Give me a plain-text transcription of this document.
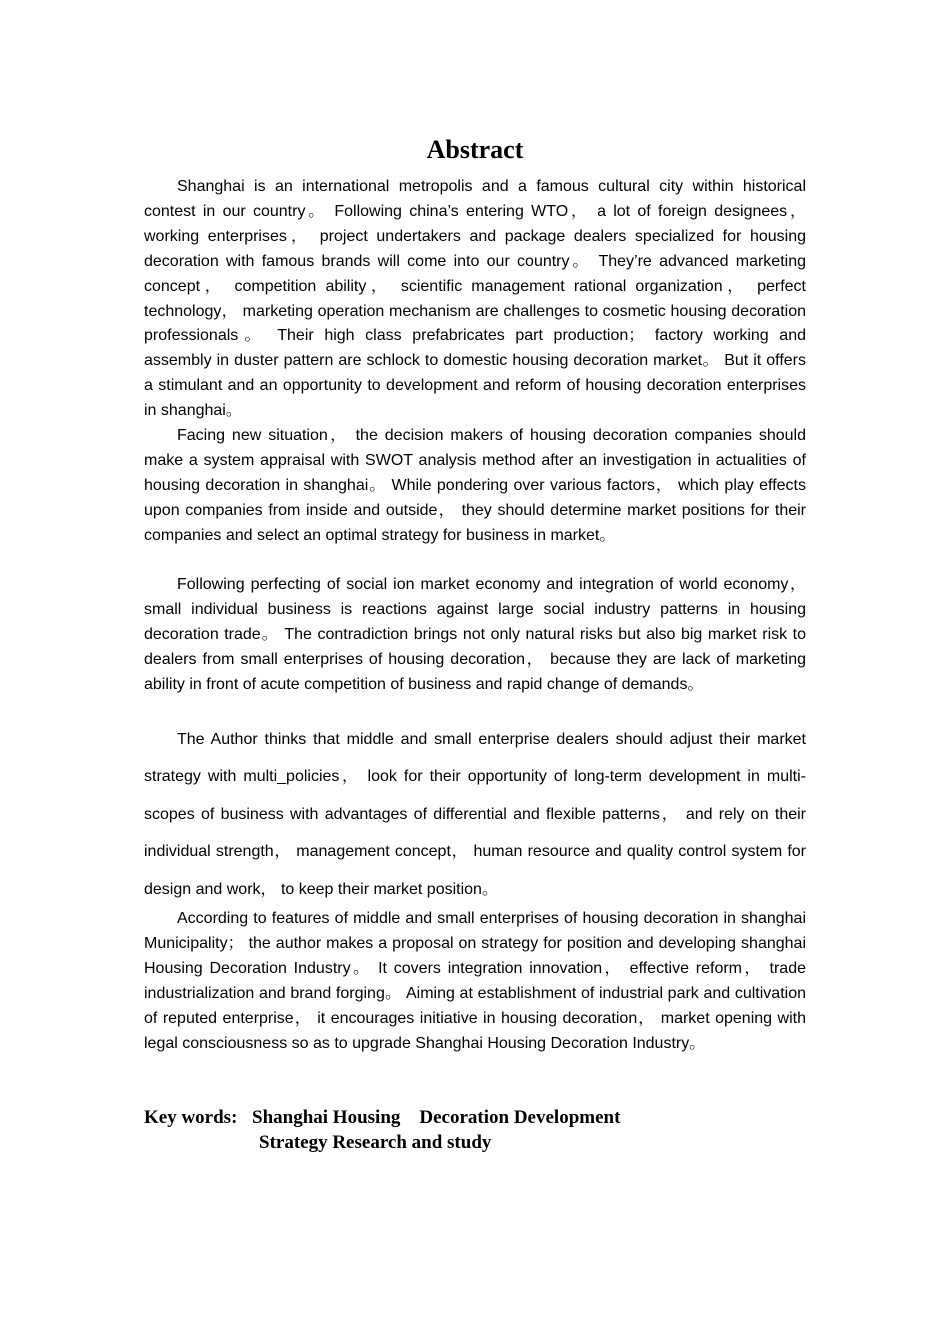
Abstract

Shanghai is an international metropolis and a famous cultural city within historical contest in our country。 Following china’s entering WTO， a lot of foreign designees， working enterprises， project undertakers and package dealers specialized for housing decoration with famous brands will come into our country。 They’re advanced marketing concept， competition ability， scientific management rational organization， perfect technology， marketing operation mechanism are challenges to cosmetic housing decoration professionals。 Their high class prefabricates part production； factory working and assembly in duster pattern are schlock to domestic housing decoration market。 But it offers a stimulant and an opportunity to development and reform of housing decoration enterprises in shanghai。

Facing new situation， the decision makers of housing decoration companies should make a system appraisal with SWOT analysis method after an investigation in actualities of housing decoration in shanghai。 While pondering over various factors， which play effects upon companies from inside and outside， they should determine market positions for their companies and select an optimal strategy for business in market。

Following perfecting of social ion market economy and integration of world economy， small individual business is reactions against large social industry patterns in housing decoration trade。 The contradiction brings not only natural risks but also big market risk to dealers from small enterprises of housing decoration， because they are lack of marketing ability in front of acute competition of business and rapid change of demands。

The Author thinks that middle and small enterprise dealers should adjust their market strategy with multi_policies， look for their opportunity of long-term development in multi-scopes of business with advantages of differential and flexible patterns， and rely on their individual strength， management concept， human resource and quality control system for design and work， to keep their market position。

According to features of middle and small enterprises of housing decoration in shanghai Municipality； the author makes a proposal on strategy for position and developing shanghai Housing Decoration Industry。 It covers integration innovation， effective reform， trade industrialization and brand forging。 Aiming at establishment of industrial park and cultivation of reputed enterprise， it encourages initiative in housing decoration， market opening with legal consciousness so as to upgrade Shanghai Housing Decoration Industry。

Key words: Shanghai Housing    Decoration Development
Strategy Research and study
